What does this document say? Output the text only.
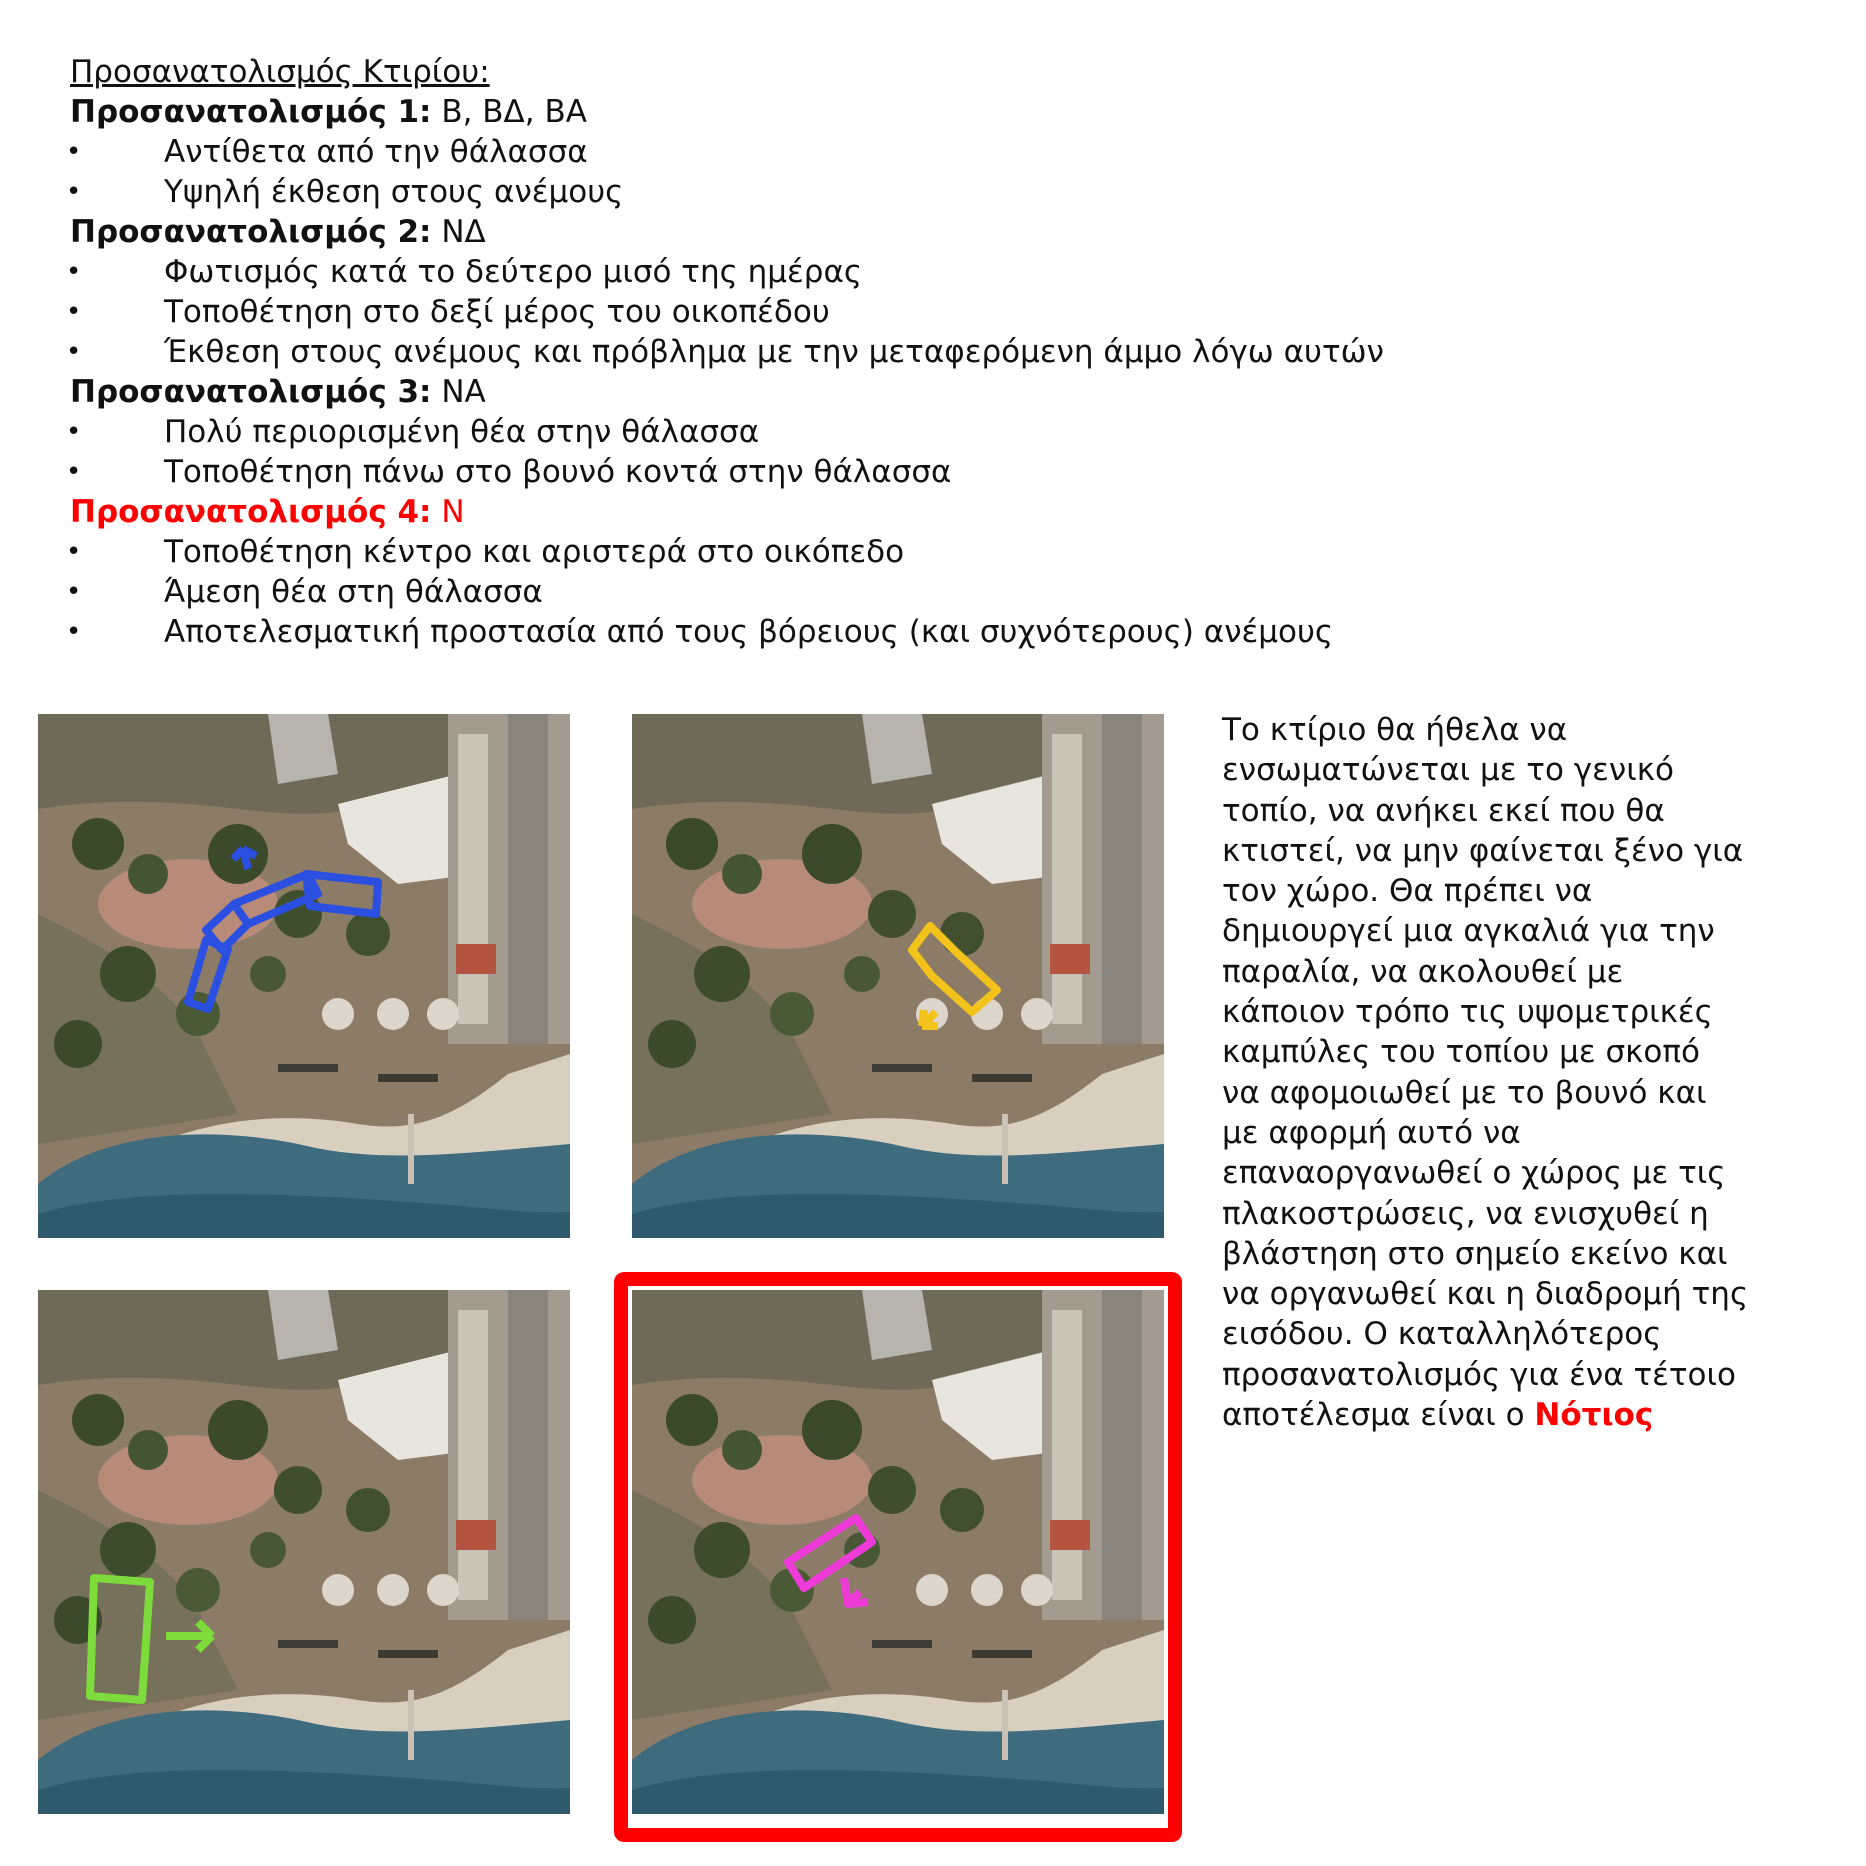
Προσανατολισμός Κτιρίου:
Προσανατολισμός 1: Β, ΒΔ, ΒΑ
•	Αντίθετα από την θάλασσα
•	Υψηλή έκθεση στους ανέμους
Προσανατολισμός 2: ΝΔ
•	Φωτισμός κατά το δεύτερο μισό της ημέρας
•	Τοποθέτηση στο δεξί μέρος του οικοπέδου
•	Έκθεση στους ανέμους και πρόβλημα με την μεταφερόμενη άμμο λόγω αυτών
Προσανατολισμός 3: ΝΑ
•	Πολύ περιορισμένη θέα στην θάλασσα
•	Τοποθέτηση πάνω στο βουνό κοντά στην θάλασσα
Προσανατολισμός 4: Ν
•	Τοποθέτηση κέντρο και αριστερά στο οικόπεδο
•	Άμεση θέα στη θάλασσα
•	Αποτελεσματική προστασία από τους βόρειους (και συχνότερους) ανέμους
Το κτίριο θα ήθελα να
ενσωματώνεται με το γενικό
τοπίο, να ανήκει εκεί που θα
κτιστεί, να μην φαίνεται ξένο για
τον χώρο. Θα πρέπει να
δημιουργεί μια αγκαλιά για την
παραλία, να ακολουθεί με
κάποιον τρόπο τις υψομετρικές
καμπύλες του τοπίου με σκοπό
να αφομοιωθεί με το βουνό και
με αφορμή αυτό να
επαναοργανωθεί ο χώρος με τις
πλακοστρώσεις, να ενισχυθεί η
βλάστηση στο σημείο εκείνο και
να οργανωθεί και η διαδρομή της
εισόδου. Ο καταλληλότερος
προσανατολισμός για ένα τέτοιο
αποτέλεσμα είναι ο Νότιος
